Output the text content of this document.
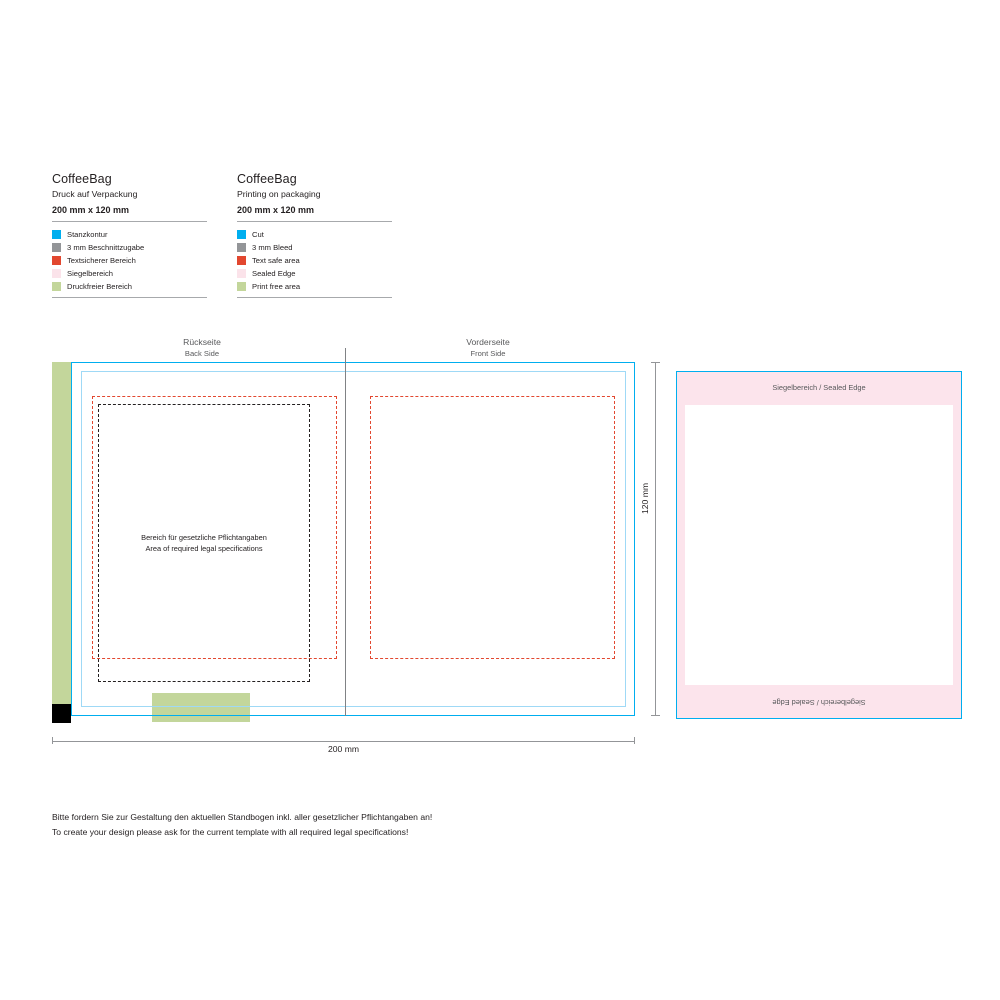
CoffeeBag
Druck auf Verpackung
200 mm x 120 mm
Stanzkontur
3 mm Beschnittzugabe
Textsicherer Bereich
Siegelbereich
Druckfreier Bereich
CoffeeBag
Printing on packaging
200 mm x 120 mm
Cut
3 mm Bleed
Text safe area
Sealed Edge
Print free area
Rückseite
Back Side
Vorderseite
Front Side
Bereich für gesetzliche Pflichtangaben
Area of required legal specifications
200 mm
120 mm
Siegelbereich / Sealed Edge
Siegelbereich / Sealed Edge
Bitte fordern Sie zur Gestaltung den aktuellen Standbogen inkl. aller gesetzlicher Pflichtangaben an!
To create your design please ask for the current template with all required legal specifications!
